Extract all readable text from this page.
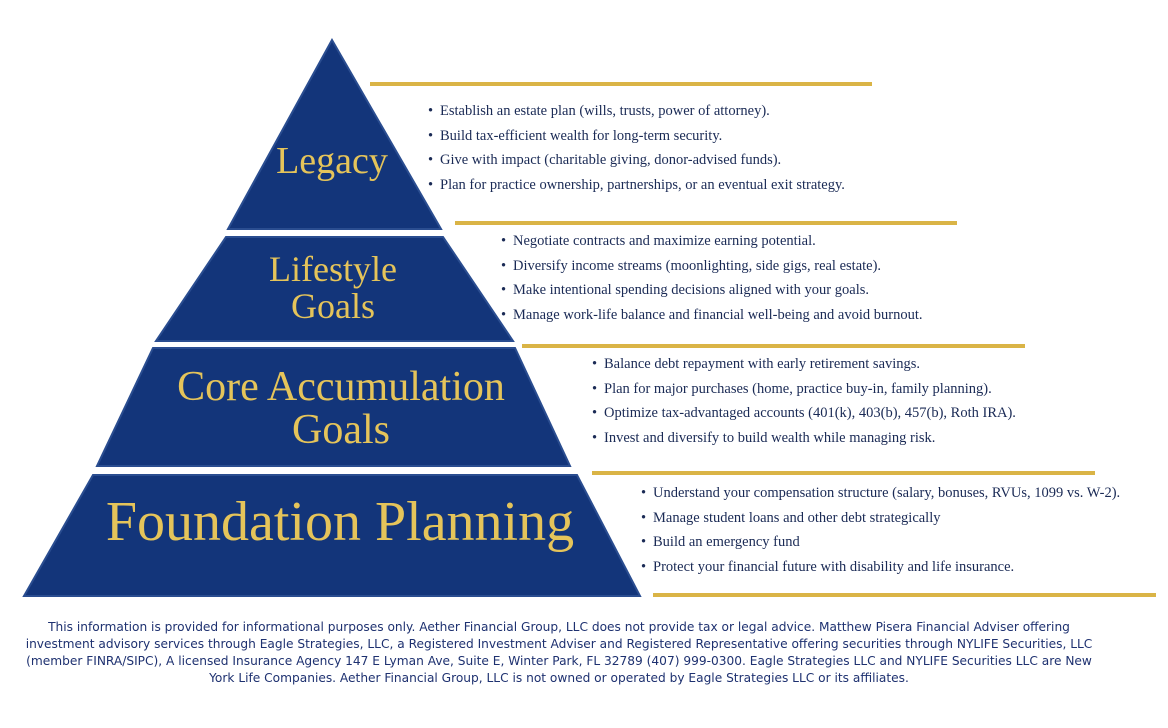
Legacy
Lifestyle
Goals
Core Accumulation
Goals
Foundation Planning
• Establish an estate plan (wills, trusts, power of attorney).
• Build tax-efficient wealth for long-term security.
• Give with impact (charitable giving, donor-advised funds).
• Plan for practice ownership, partnerships, or an eventual exit strategy.
• Negotiate contracts and maximize earning potential.
• Diversify income streams (moonlighting, side gigs, real estate).
• Make intentional spending decisions aligned with your goals.
• Manage work-life balance and financial well-being and avoid burnout.
• Balance debt repayment with early retirement savings.
• Plan for major purchases (home, practice buy-in, family planning).
• Optimize tax-advantaged accounts (401(k), 403(b), 457(b), Roth IRA).
• Invest and diversify to build wealth while managing risk.
• Understand your compensation structure (salary, bonuses, RVUs, 1099 vs. W-2).
• Manage student loans and other debt strategically
• Build an emergency fund
• Protect your financial future with disability and life insurance.
This information is provided for informational purposes only. Aether Financial Group, LLC does not provide tax or legal advice. Matthew Pisera Financial Adviser offering investment advisory services through Eagle Strategies, LLC, a Registered Investment Adviser and Registered Representative offering securities through NYLIFE Securities, LLC (member FINRA/SIPC), A licensed Insurance Agency 147 E Lyman Ave, Suite E, Winter Park, FL 32789 (407) 999-0300. Eagle Strategies LLC and NYLIFE Securities LLC are New York Life Companies. Aether Financial Group, LLC is not owned or operated by Eagle Strategies LLC or its affiliates.
